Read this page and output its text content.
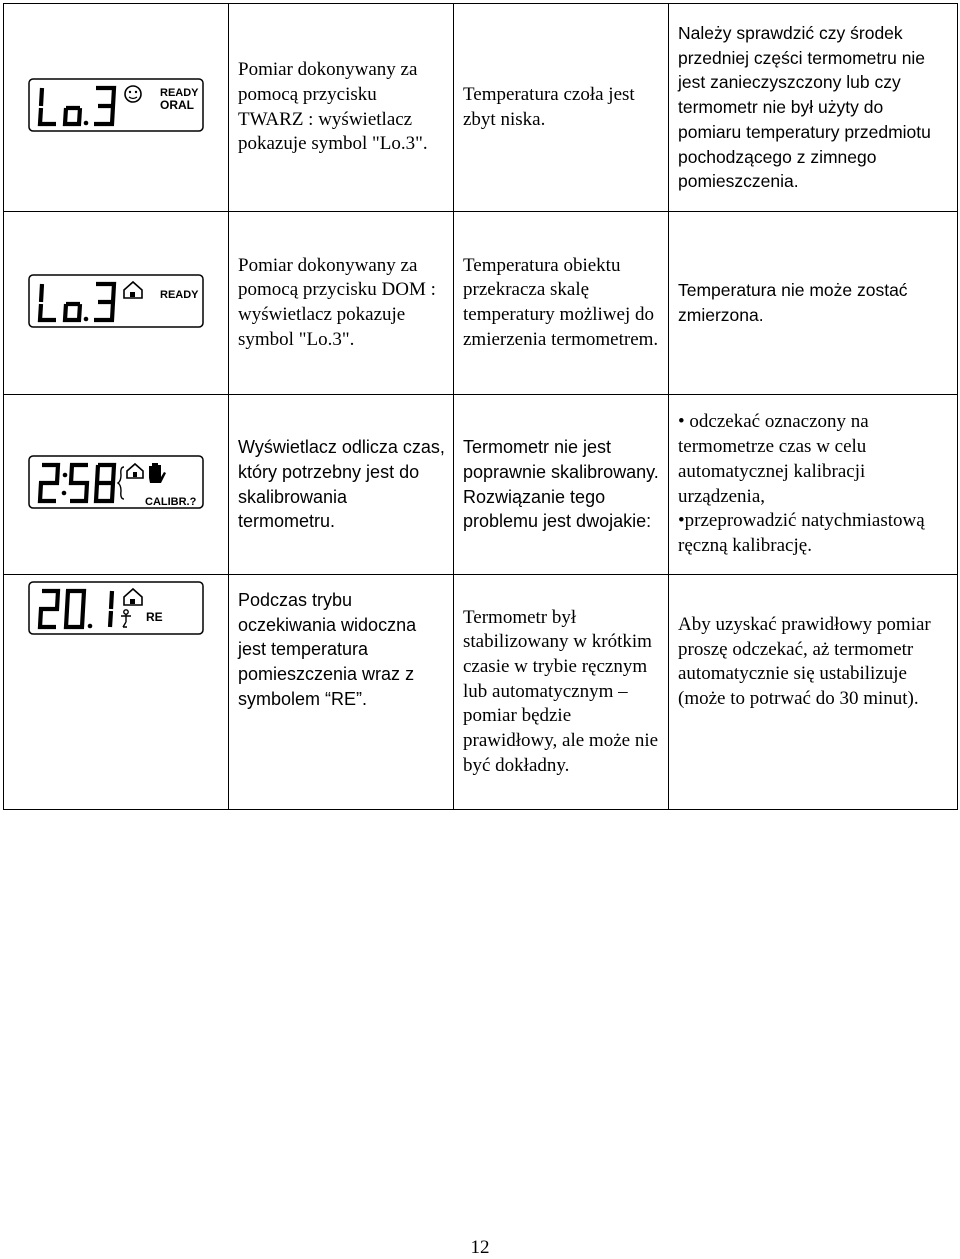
READY
ORAL	Pomiar dokonywany za pomocą przycisku TWARZ : wyświetlacz pokazuje symbol "Lo.3".	Temperatura czoła jest zbyt niska.	Należy sprawdzić czy środek przedniej części termometru nie jest zanieczyszczony lub czy termometr nie był użyty do pomiaru temperatury przedmiotu pochodzącego z zimnego pomieszczenia.

READY	Pomiar dokonywany za pomocą przycisku DOM : wyświetlacz pokazuje symbol "Lo.3".	Temperatura obiektu przekracza skalę temperatury możliwej do zmierzenia termometrem.	Temperatura nie może zostać zmierzona.

CALIBR.?	Wyświetlacz odlicza czas, który potrzebny jest do skalibrowania termometru.	Termometr nie jest poprawnie skalibrowany. Rozwiązanie tego problemu jest dwojakie:	• odczekać oznaczony na termometrze czas w celu automatycznej kalibracji urządzenia,
•przeprowadzić natychmiastową ręczną kalibrację.

RE	Podczas trybu oczekiwania widoczna jest temperatura pomieszczenia wraz z symbolem “RE”.	Termometr był stabilizowany w krótkim czasie w trybie ręcznym lub automatycznym – pomiar będzie prawidłowy, ale może nie być dokładny.	Aby uzyskać prawidłowy pomiar proszę odczekać, aż termometr automatycznie się ustabilizuje (może to potrwać do 30 minut).
12
